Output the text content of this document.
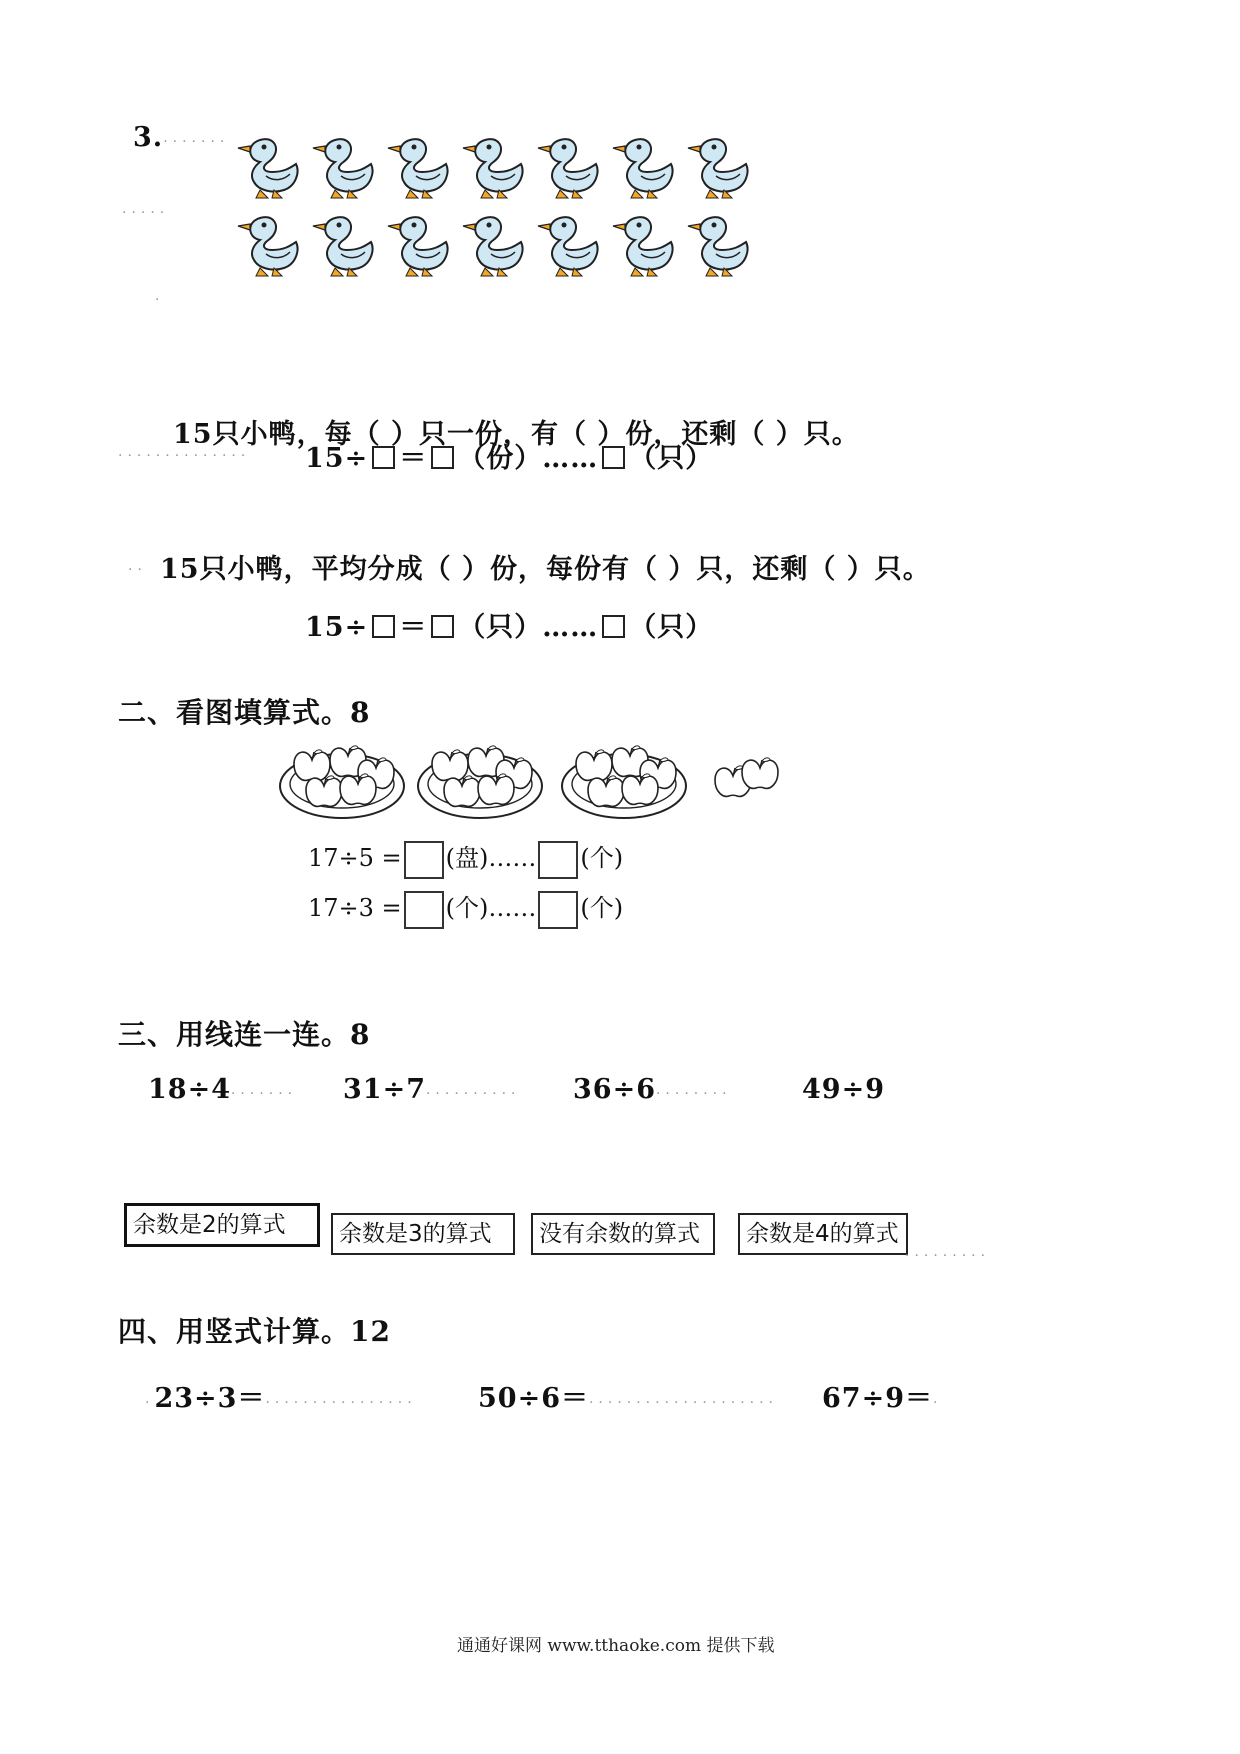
3.·······
·····
·
15只小鸭，每（ ）只一份，有（ ）份，还剩（ ）只。
·············· 15÷ ＝ （份）…… （只）
·· 15只小鸭，平均分成（ ）份，每份有（ ）只，还剩（ ）只。
15÷ ＝ （只）…… （只）
二、看图填算式。8
17÷5 = (盘)…… (个)
17÷3 = (个)…… (个)
三、用线连一连。8
18÷4······· 31÷7·········· 36÷6········	49÷9
余数是2的算式	余数是3的算式	没有余数的算式	余数是4的算式
·········
四、用竖式计算。12
·23÷3＝················ 50÷6＝···················· 67÷9＝·
通通好课网 www.tthaoke.com 提供下载
